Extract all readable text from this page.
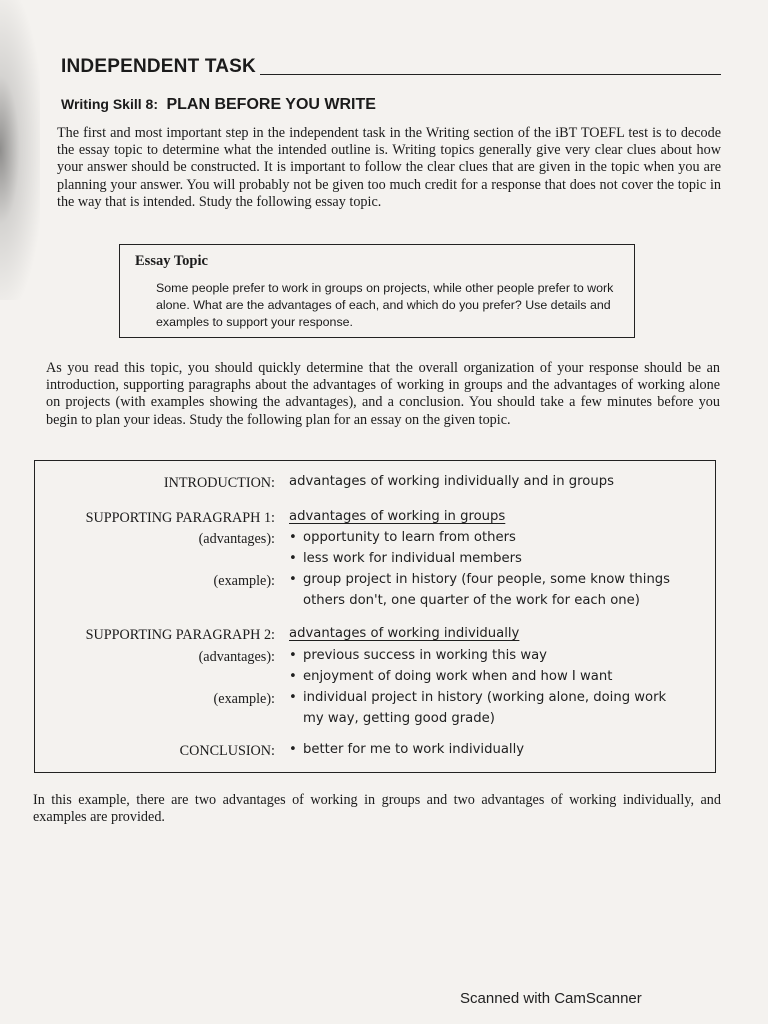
INDEPENDENT TASK
Writing Skill 8: PLAN BEFORE YOU WRITE

The first and most important step in the independent task in the Writing section of the iBT TOEFL test is to decode the essay topic to determine what the intended outline is. Writing topics generally give very clear clues about how your answer should be constructed. It is important to follow the clear clues that are given in the topic when you are planning your answer. You will probably not be given too much credit for a response that does not cover the topic in the way that is intended. Study the following essay topic.

Essay Topic

Some people prefer to work in groups on projects, while other people prefer to work alone. What are the advantages of each, and which do you prefer? Use details and examples to support your response.

As you read this topic, you should quickly determine that the overall organization of your response should be an introduction, supporting paragraphs about the advantages of working in groups and the advantages of working alone on projects (with examples showing the advantages), and a conclusion. You should take a few minutes before you begin to plan your ideas. Study the following plan for an essay on the given topic.

INTRODUCTION: advantages of working individually and in groups
SUPPORTING PARAGRAPH 1: advantages of working in groups
(advantages): • opportunity to learn from others
• less work for individual members
(example): • group project in history (four people, some know things
others don't, one quarter of the work for each one)
SUPPORTING PARAGRAPH 2: advantages of working individually
(advantages): • previous success in working this way
• enjoyment of doing work when and how I want
(example): • individual project in history (working alone, doing work
my way, getting good grade)
CONCLUSION: • better for me to work individually

In this example, there are two advantages of working in groups and two advantages of working individually, and examples are provided.

Scanned with CamScanner
